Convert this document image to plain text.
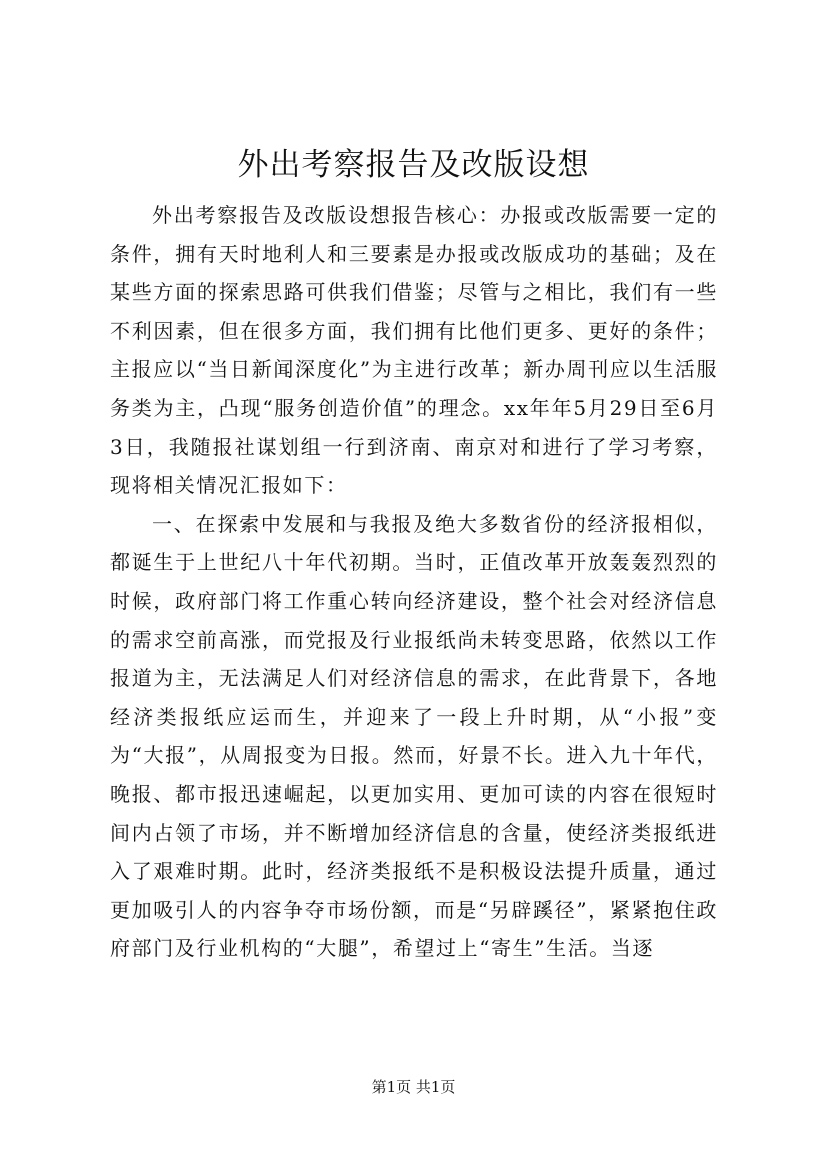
外出考察报告及改版设想

外出考察报告及改版设想报告核心：办报或改版需要一定的条件，拥有天时地利人和三要素是办报或改版成功的基础；及在某些方面的探索思路可供我们借鉴；尽管与之相比，我们有一些不利因素，但在很多方面，我们拥有比他们更多、更好的条件；主报应以“当日新闻深度化”为主进行改革；新办周刊应以生活服务类为主，凸现“服务创造价值”的理念。xx年年5月29日至6月3日，我随报社谋划组一行到济南、南京对和进行了学习考察，现将相关情况汇报如下：

一、在探索中发展和与我报及绝大多数省份的经济报相似，都诞生于上世纪八十年代初期。当时，正值改革开放轰轰烈烈的时候，政府部门将工作重心转向经济建设，整个社会对经济信息的需求空前高涨，而党报及行业报纸尚未转变思路，依然以工作报道为主，无法满足人们对经济信息的需求，在此背景下，各地经济类报纸应运而生，并迎来了一段上升时期，从“小报”变为“大报”，从周报变为日报。然而，好景不长。进入九十年代，晚报、都市报迅速崛起，以更加实用、更加可读的内容在很短时间内占领了市场，并不断增加经济信息的含量，使经济类报纸进入了艰难时期。此时，经济类报纸不是积极设法提升质量，通过更加吸引人的内容争夺市场份额，而是“另辟蹊径”，紧紧抱住政府部门及行业机构的“大腿”，希望过上“寄生”生活。当逐

第1页 共1页
